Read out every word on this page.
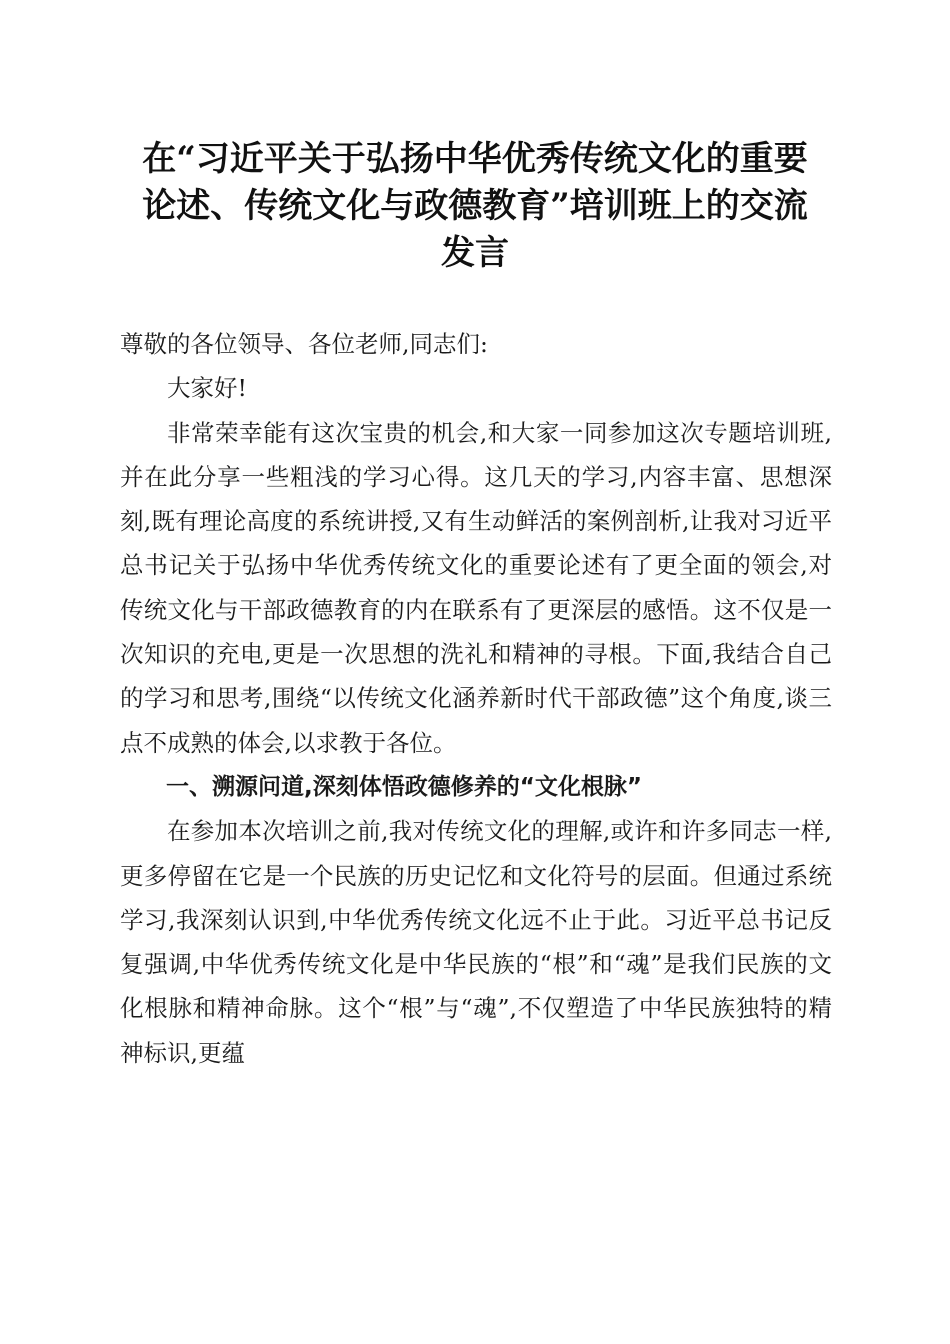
在“习近平关于弘扬中华优秀传统文化的重要
论述、传统文化与政德教育”培训班上的交流
发言

尊敬的各位领导、各位老师,同志们:

大家好!

非常荣幸能有这次宝贵的机会,和大家一同参加这次专题培训班,并在此分享一些粗浅的学习心得。这几天的学习,内容丰富、思想深刻,既有理论高度的系统讲授,又有生动鲜活的案例剖析,让我对习近平总书记关于弘扬中华优秀传统文化的重要论述有了更全面的领会,对传统文化与干部政德教育的内在联系有了更深层的感悟。这不仅是一次知识的充电,更是一次思想的洗礼和精神的寻根。下面,我结合自己的学习和思考,围绕“以传统文化涵养新时代干部政德”这个角度,谈三点不成熟的体会,以求教于各位。

一、溯源问道,深刻体悟政德修养的“文化根脉”

在参加本次培训之前,我对传统文化的理解,或许和许多同志一样,更多停留在它是一个民族的历史记忆和文化符号的层面。但通过系统学习,我深刻认识到,中华优秀传统文化远不止于此。习近平总书记反复强调,中华优秀传统文化是中华民族的“根”和“魂”是我们民族的文化根脉和精神命脉。这个“根”与“魂”,不仅塑造了中华民族独特的精神标识,更蕴
